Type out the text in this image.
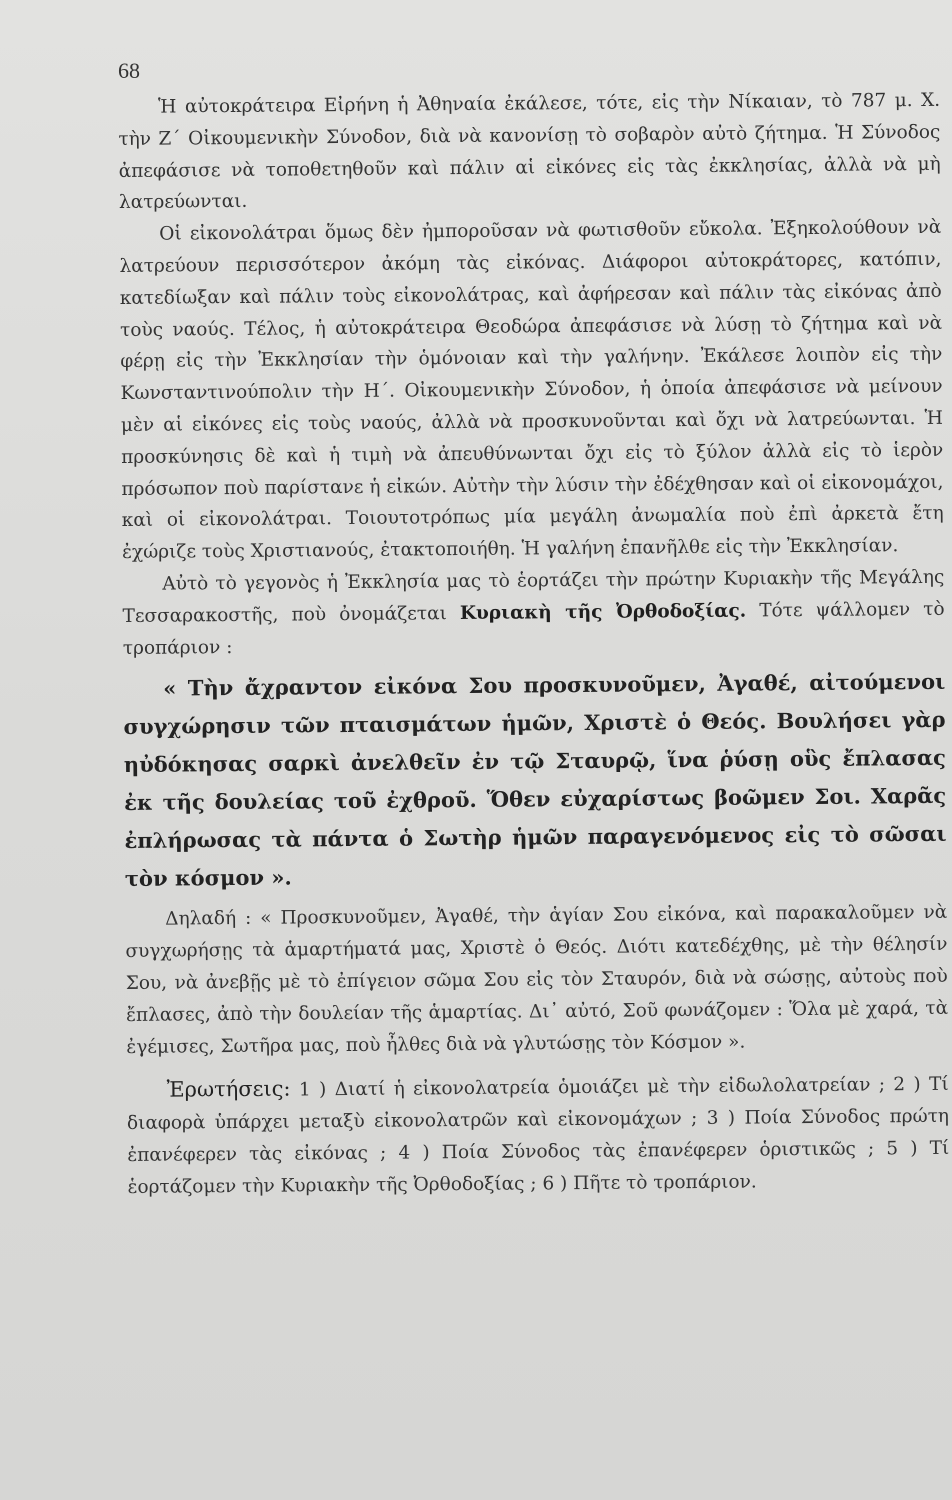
68

Ἡ αὐτοκράτειρα Εἰρήνη ἡ Ἀθηναία ἐκάλεσε, τότε, εἰς τὴν Νίκαιαν, τὸ 787 μ. Χ. τὴν Ζ΄ Οἰκουμενικὴν Σύνοδον, διὰ νὰ κανονίσῃ τὸ σοβαρὸν αὐτὸ ζήτημα. Ἡ Σύνοδος ἀπεφάσισε νὰ τοποθετηθοῦν καὶ πάλιν αἱ εἰκόνες εἰς τὰς ἐκκλησίας, ἀλλὰ νὰ μὴ λατρεύωνται.

Οἱ εἰκονολάτραι ὅμως δὲν ἠμποροῦσαν νὰ φωτισθοῦν εὔκολα. Ἐξηκολούθουν νὰ λατρεύουν περισσότερον ἀκόμη τὰς εἰκόνας. Διάφοροι αὐτοκράτορες, κατόπιν, κατεδίωξαν καὶ πάλιν τοὺς εἰκονολάτρας, καὶ ἀφήρεσαν καὶ πάλιν τὰς εἰκόνας ἀπὸ τοὺς ναούς. Τέλος, ἡ αὐτοκράτειρα Θεοδώρα ἀπεφάσισε νὰ λύσῃ τὸ ζήτημα καὶ νὰ φέρῃ εἰς τὴν Ἐκκλησίαν τὴν ὁμόνοιαν καὶ τὴν γαλήνην. Ἐκάλεσε λοιπὸν εἰς τὴν Κωνσταντινούπολιν τὴν Η΄. Οἰκουμενικὴν Σύνοδον, ἡ ὁποία ἀπεφάσισε νὰ μείνουν μὲν αἱ εἰκόνες εἰς τοὺς ναούς, ἀλλὰ νὰ προσκυνοῦνται καὶ ὄχι νὰ λατρεύωνται. Ἡ προσκύνησις δὲ καὶ ἡ τιμὴ νὰ ἀπευθύνωνται ὄχι εἰς τὸ ξύλον ἀλλὰ εἰς τὸ ἱερὸν πρόσωπον ποὺ παρίστανε ἡ εἰκών. Αὐτὴν τὴν λύσιν τὴν ἐδέχθησαν καὶ οἱ εἰκονομάχοι, καὶ οἱ εἰκονολάτραι. Τοιουτοτρόπως μία μεγάλη ἀνωμαλία ποὺ ἐπὶ ἀρκετὰ ἔτη ἐχώριζε τοὺς Χριστιανούς, ἐτακτοποιήθη. Ἡ γαλήνη ἐπανῆλθε εἰς τὴν Ἐκκλησίαν.

Αὐτὸ τὸ γεγονὸς ἡ Ἐκκλησία μας τὸ ἑορτάζει τὴν πρώτην Κυριακὴν τῆς Μεγάλης Τεσσαρακοστῆς, ποὺ ὀνομάζεται Κυριακὴ τῆς Ὀρθοδοξίας. Τότε ψάλλομεν τὸ τροπάριον :

« Τὴν ἄχραντον εἰκόνα Σου προσκυνοῦμεν, Ἀγαθέ, αἰτούμενοι συγχώρησιν τῶν πταισμάτων ἡμῶν, Χριστὲ ὁ Θεός. Βουλήσει γὰρ ηὐδόκησας σαρκὶ ἀνελθεῖν ἐν τῷ Σταυρῷ, ἵνα ῥύσῃ οὓς ἔπλασας ἐκ τῆς δουλείας τοῦ ἐχθροῦ. Ὅθεν εὐχαρίστως βοῶμεν Σοι. Χαρᾶς ἐπλήρωσας τὰ πάντα ὁ Σωτὴρ ἡμῶν παραγενόμενος εἰς τὸ σῶσαι τὸν κόσμον ».

Δηλαδή : « Προσκυνοῦμεν, Ἀγαθέ, τὴν ἁγίαν Σου εἰκόνα, καὶ παρακαλοῦμεν νὰ συγχωρήσῃς τὰ ἁμαρτήματά μας, Χριστὲ ὁ Θεός. Διότι κατεδέχθης, μὲ τὴν θέλησίν Σου, νὰ ἀνεβῇς μὲ τὸ ἐπίγειον σῶμα Σου εἰς τὸν Σταυρόν, διὰ νὰ σώσῃς, αὐτοὺς ποὺ ἔπλασες, ἀπὸ τὴν δουλείαν τῆς ἁμαρτίας. Δι᾽ αὐτό, Σοῦ φωνάζομεν : Ὅλα μὲ χαρά, τὰ ἐγέμισες, Σωτῆρα μας, ποὺ ἦλθες διὰ νὰ γλυτώσῃς τὸν Κόσμον ».

Ἐρωτήσεις: 1 ) Διατί ἡ εἰκονολατρεία ὁμοιάζει μὲ τὴν εἰδωλολατρείαν ; 2 ) Τί διαφορὰ ὑπάρχει μεταξὺ εἰκονολατρῶν καὶ εἰκονομάχων ; 3 ) Ποία Σύνοδος πρώτη ἐπανέφερεν τὰς εἰκόνας ; 4 ) Ποία Σύνοδος τὰς ἐπανέφερεν ὁριστικῶς ; 5 ) Τί ἑορτάζομεν τὴν Κυριακὴν τῆς Ὀρθοδοξίας ; 6 ) Πῆτε τὸ τροπάριον.
